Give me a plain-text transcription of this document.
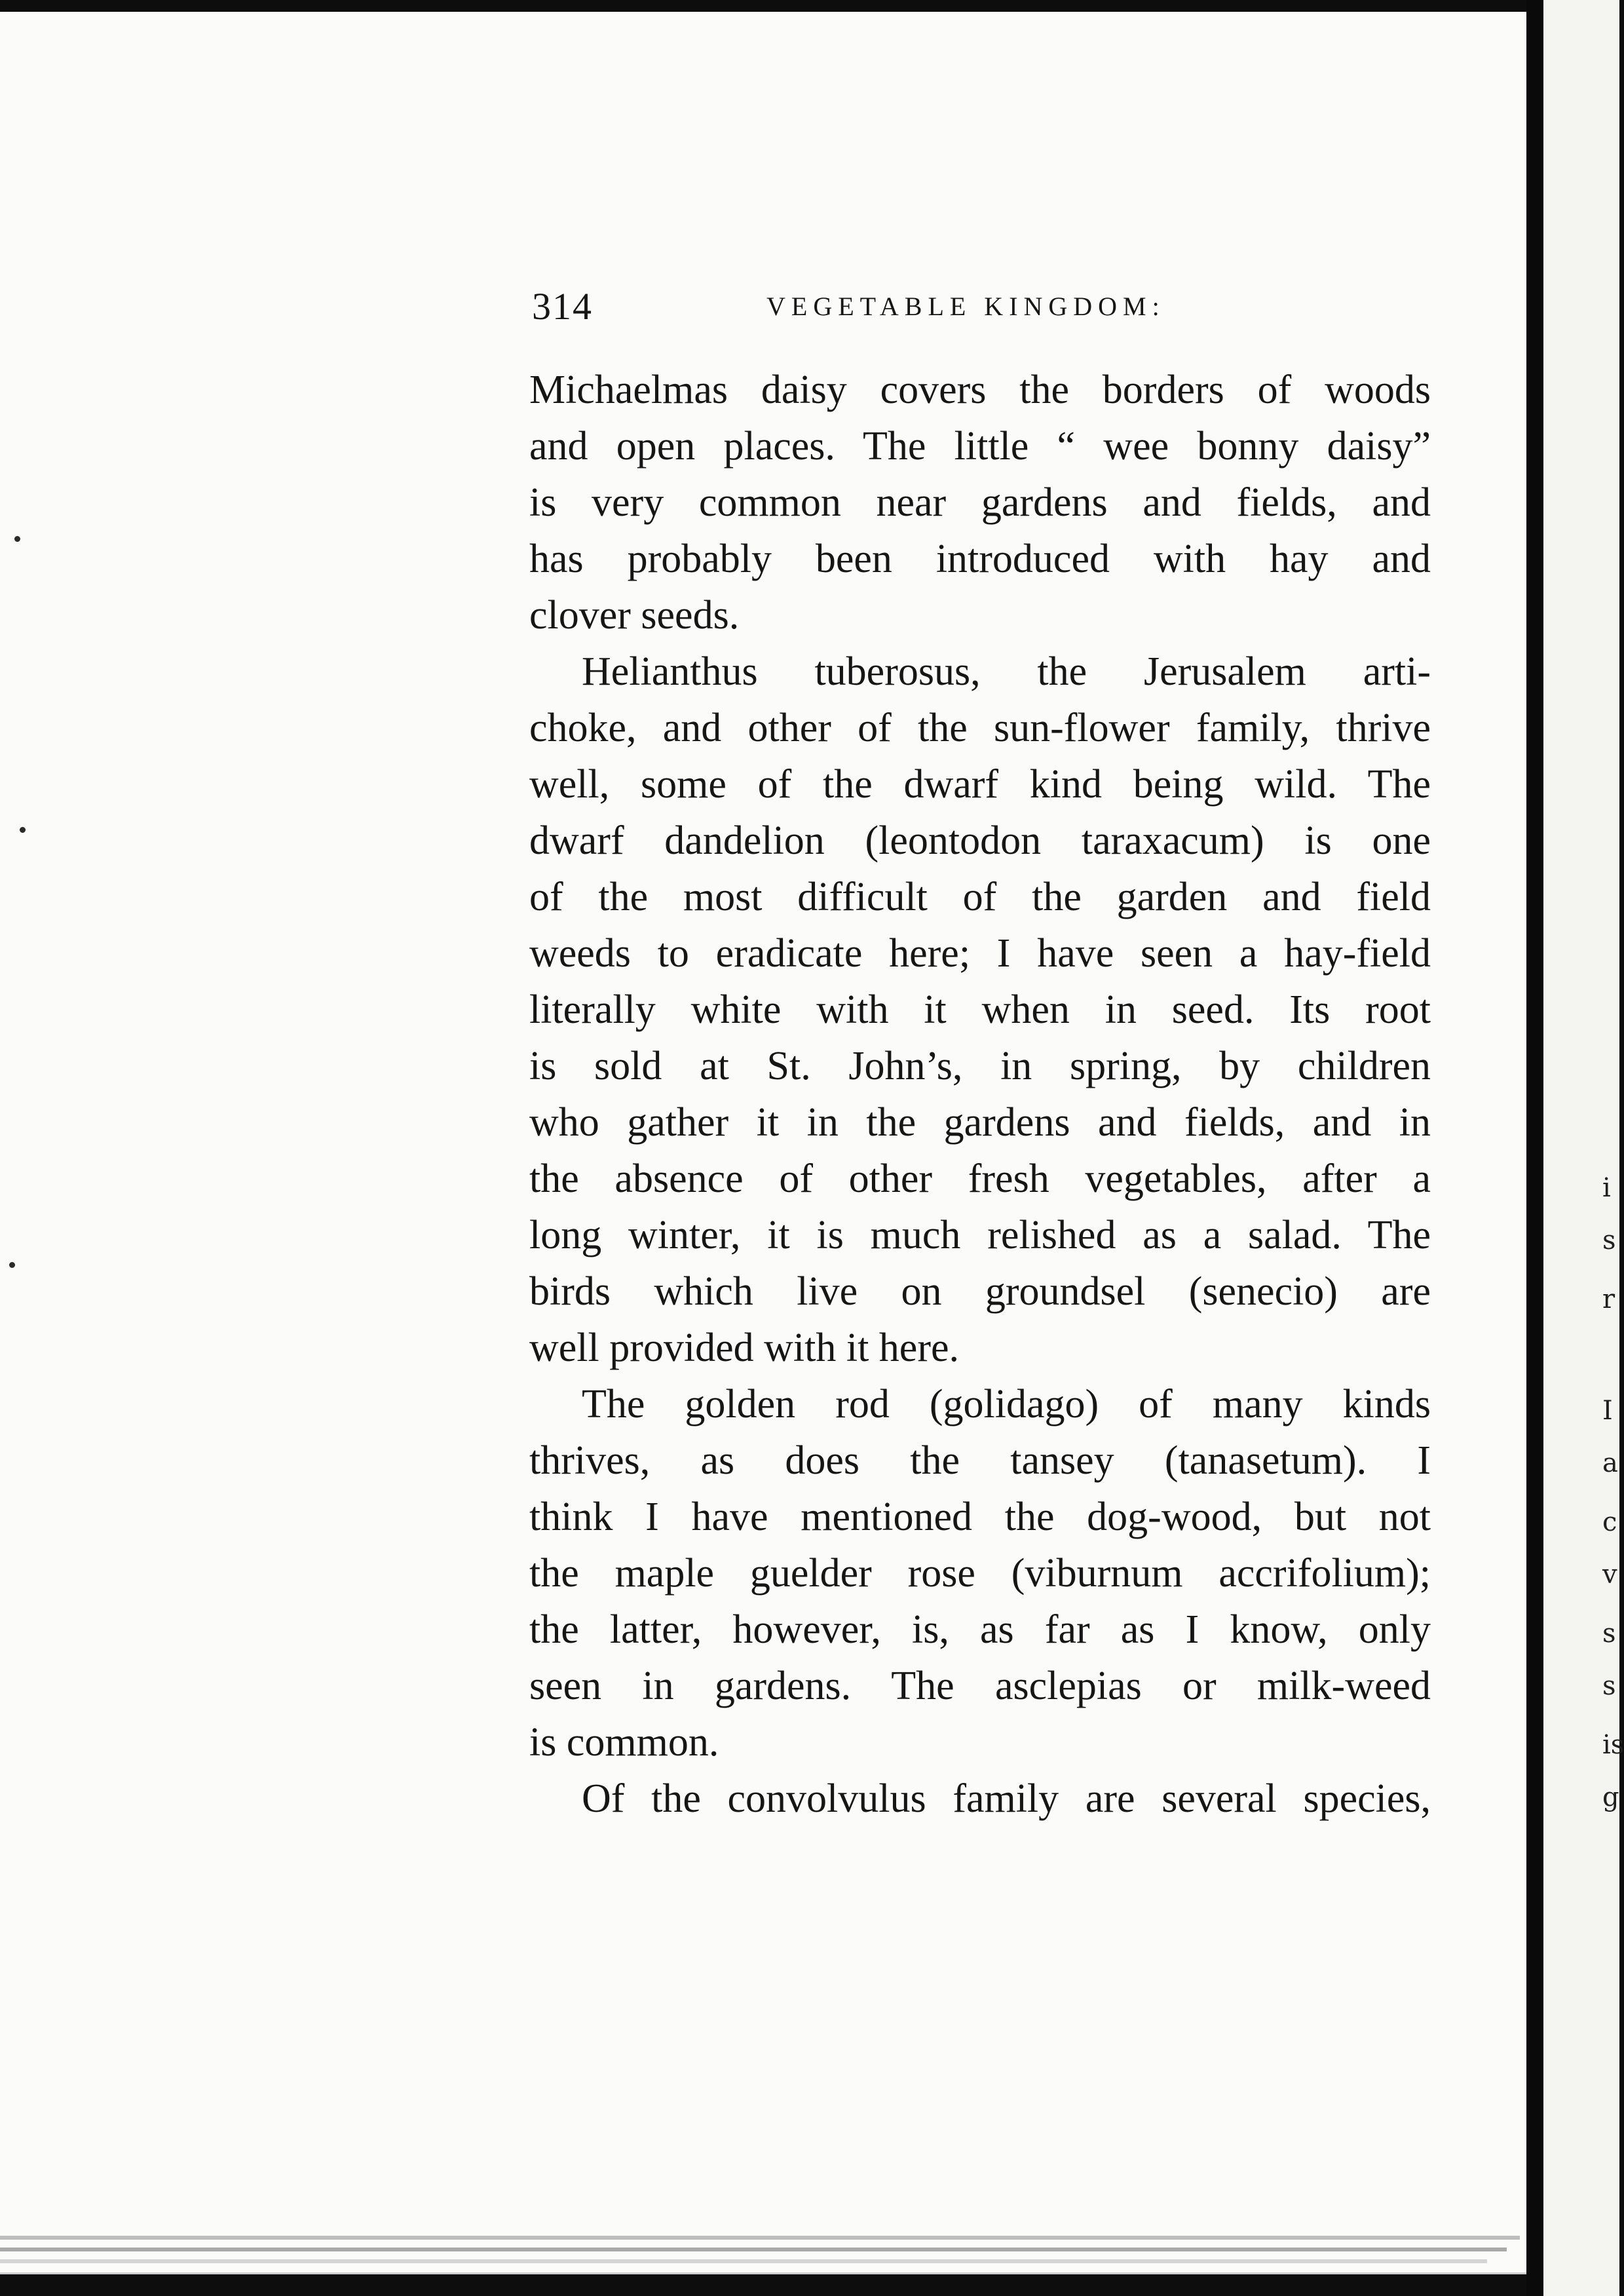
314	VEGETABLE KINGDOM:
Michaelmas daisy covers the borders of woods
and open places. The little “ wee bonny daisy”
is very common near gardens and fields, and
has probably been introduced with hay and
clover seeds.
Helianthus tuberosus, the Jerusalem arti-
choke, and other of the sun-flower family, thrive
well, some of the dwarf kind being wild. The
dwarf dandelion (leontodon taraxacum) is one
of the most difficult of the garden and field
weeds to eradicate here; I have seen a hay-field
literally white with it when in seed. Its root
is sold at St. John’s, in spring, by children
who gather it in the gardens and fields, and in
the absence of other fresh vegetables, after a
long winter, it is much relished as a salad. The
birds which live on groundsel (senecio) are
well provided with it here.
The golden rod (golidago) of many kinds
thrives, as does the tansey (tanasetum). I
think I have mentioned the dog-wood, but not
the maple guelder rose (viburnum accrifolium);
the latter, however, is, as far as I know, only
seen in gardens. The asclepias or milk-weed
is common.
Of the convolvulus family are several species,
i
s
r
I
a
c
v
s
s
is
g
